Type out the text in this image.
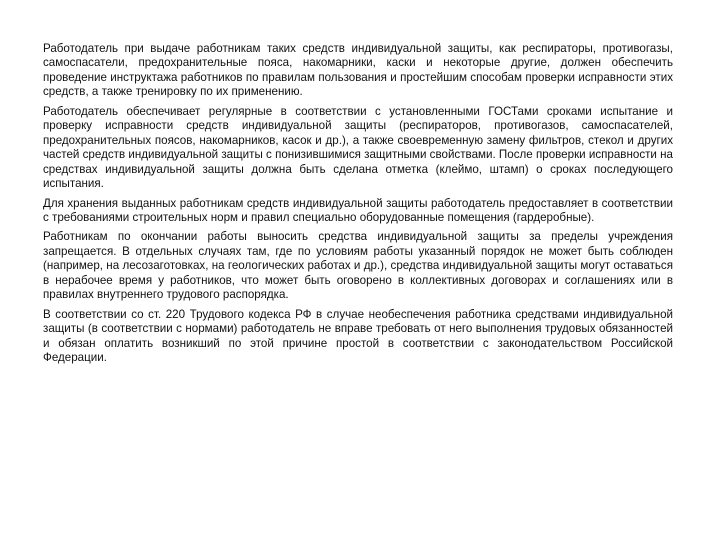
Работодатель при выдаче работникам таких средств индивидуальной защиты, как респираторы, противогазы, самоспасатели, предохранительные пояса, накомарники, каски и некоторые другие, должен обеспечить проведение инструктажа работников по правилам пользования и простейшим способам проверки исправности этих средств, а также тренировку по их применению.

Работодатель обеспечивает регулярные в соответствии с установленными ГОСТами сроками испытание и проверку исправности средств индивидуальной защиты (респираторов, противогазов, самоспасателей, предохранительных поясов, накомарников, касок и др.), а также своевременную замену фильтров, стекол и других частей средств индивидуальной защиты с понизившимися защитными свойствами. После проверки исправности на средствах индивидуальной защиты должна быть сделана отметка (клеймо, штамп) о сроках последующего испытания.

Для хранения выданных работникам средств индивидуальной защиты работодатель предоставляет в соответствии с требованиями строительных норм и правил специально оборудованные помещения (гардеробные).

Работникам по окончании работы выносить средства индивидуальной защиты за пределы учреждения запрещается. В отдельных случаях там, где по условиям работы указанный порядок не может быть соблюден (например, на лесозаготовках, на геологических работах и др.), средства индивидуальной защиты могут оставаться в нерабочее время у работников, что может быть оговорено в коллективных договорах и соглашениях или в правилах внутреннего трудового распорядка.

В соответствии со ст. 220 Трудового кодекса РФ в случае необеспечения работника средствами индивидуальной защиты (в соответствии с нормами) работодатель не вправе требовать от него выполнения трудовых обязанностей и обязан оплатить возникший по этой причине простой в соответствии с законодательством Российской Федерации.
